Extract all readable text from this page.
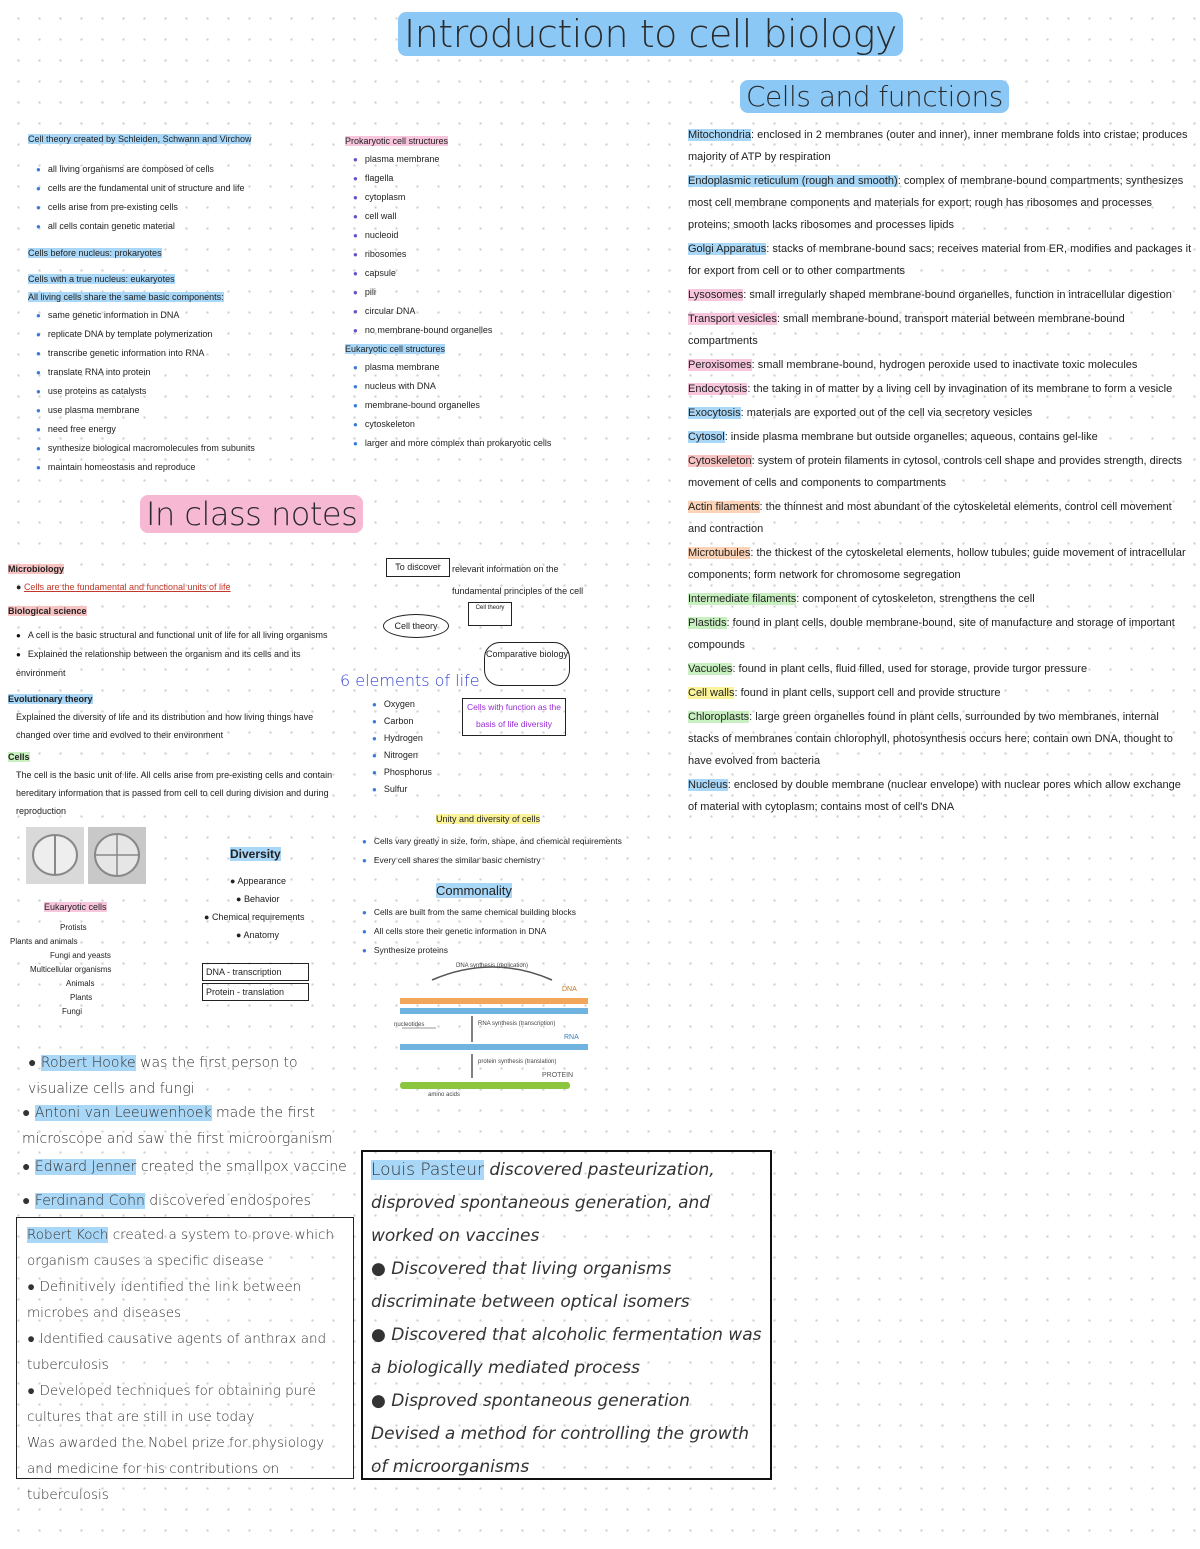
Introduction to cell biology
Cells and functions
In class notes
Cell theory created by Schleiden, Schwann and Virchow
● all living organisms are composed of cells
● cells are the fundamental unit of structure and life
● cells arise from pre-existing cells
● all cells contain genetic material
Cells before nucleus: prokaryotes
Cells with a true nucleus: eukaryotes
All living cells share the same basic components:
● same genetic information in DNA
● replicate DNA by template polymerization
● transcribe genetic information into RNA
● translate RNA into protein
● use proteins as catalysts
● use plasma membrane
● need free energy
● synthesize biological macromolecules from subunits
● maintain homeostasis and reproduce
Prokaryotic cell structures
● plasma membrane
● flagella
● cytoplasm
● cell wall
● nucleoid
● ribosomes
● capsule
● pili
● circular DNA
● no membrane-bound organelles
Eukaryotic cell structures
● plasma membrane
● nucleus with DNA
● membrane-bound organelles
● cytoskeleton
● larger and more complex than prokaryotic cells
Mitochondria: enclosed in 2 membranes (outer and inner), inner membrane folds into cristae; produces majority of ATP by respiration
Endoplasmic reticulum (rough and smooth): complex of membrane-bound compartments; synthesizes most cell membrane components and materials for export; rough has ribosomes and processes proteins; smooth lacks ribosomes and processes lipids
Golgi Apparatus: stacks of membrane-bound sacs; receives material from ER, modifies and packages it for export from cell or to other compartments
Lysosomes: small irregularly shaped membrane-bound organelles, function in intracellular digestion
Transport vesicles: small membrane-bound, transport material between membrane-bound compartments
Peroxisomes: small membrane-bound, hydrogen peroxide used to inactivate toxic molecules
Endocytosis: the taking in of matter by a living cell by invagination of its membrane to form a vesicle
Exocytosis: materials are exported out of the cell via secretory vesicles
Cytosol: inside plasma membrane but outside organelles; aqueous, contains gel-like
Cytoskeleton: system of protein filaments in cytosol, controls cell shape and provides strength, directs movement of cells and components to compartments
Actin filaments: the thinnest and most abundant of the cytoskeletal elements, control cell movement and contraction
Microtubules: the thickest of the cytoskeletal elements, hollow tubules; guide movement of intracellular components; form network for chromosome segregation
Intermediate filaments: component of cytoskeleton, strengthens the cell
Plastids: found in plant cells, double membrane-bound, site of manufacture and storage of important compounds
Vacuoles: found in plant cells, fluid filled, used for storage, provide turgor pressure
Cell walls: found in plant cells, support cell and provide structure
Chloroplasts: large green organelles found in plant cells, surrounded by two membranes, internal stacks of membranes contain chlorophyll, photosynthesis occurs here; contain own DNA, thought to have evolved from bacteria
Nucleus: enclosed by double membrane (nuclear envelope) with nuclear pores which allow exchange of material with cytoplasm; contains most of cell's DNA
Microbiology
● Cells are the fundamental and functional units of life
Biological science
● A cell is the basic structural and functional unit of life for all living organisms
● Explained the relationship between the organism and its cells and its environment
Evolutionary theory
Explained the diversity of life and its distribution and how living things have changed over time and evolved to their environment
Cells
The cell is the basic unit of life. All cells arise from pre-existing cells and contain hereditary information that is passed from cell to cell during division and during reproduction
Eukaryotic cells
Protists
Plants and animals
Fungi and yeasts
Multicellular organisms
Animals
Plants
Fungi
Diversity
● Appearance
● Behavior
● Chemical requirements
● Anatomy
DNA - transcription
Protein - translation
To discover	relevant information on the fundamental principles of the cell
Cell theory
Cell theory
Comparative biology
6 elements of life
● Oxygen
● Carbon
● Hydrogen
● Nitrogen
● Phosphorus
● Sulfur
Cells with function as the basis of life diversity
Unity and diversity of cells
● Cells vary greatly in size, form, shape, and chemical requirements
● Every cell shares the similar basic chemistry
Commonality
● Cells are built from the same chemical building blocks
● All cells store their genetic information in DNA
● Synthesize proteins
DNA synthesis (replication)
DNA
nucleotides	RNA synthesis (transcription)
RNA
protein synthesis (translation)
PROTEIN
amino acids
● Robert Hooke was the first person to visualize cells and fungi
● Antoni van Leeuwenhoek made the first microscope and saw the first microorganism
● Edward Jenner created the smallpox vaccine
● Ferdinand Cohn discovered endospores
Robert Koch created a system to prove which organism causes a specific disease
● Definitively identified the link between microbes and diseases
● Identified causative agents of anthrax and tuberculosis
● Developed techniques for obtaining pure cultures that are still in use today
Was awarded the Nobel prize for physiology and medicine for his contributions on tuberculosis
Louis Pasteur discovered pasteurization, disproved spontaneous generation, and worked on vaccines
● Discovered that living organisms discriminate between optical isomers
● Discovered that alcoholic fermentation was a biologically mediated process
● Disproved spontaneous generation
Devised a method for controlling the growth of microorganisms
